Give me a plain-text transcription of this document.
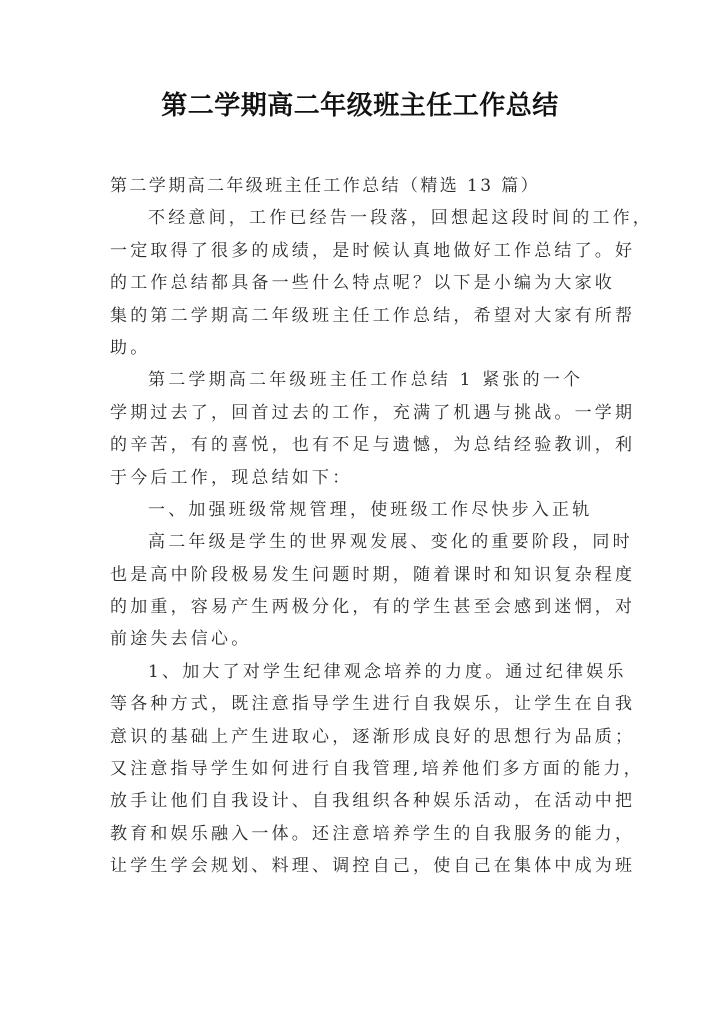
第二学期高二年级班主任工作总结
第二学期高二年级班主任工作总结（精选 13 篇）
不经意间，工作已经告一段落，回想起这段时间的工作，
一定取得了很多的成绩，是时候认真地做好工作总结了。好
的工作总结都具备一些什么特点呢？以下是小编为大家收
集的第二学期高二年级班主任工作总结，希望对大家有所帮
助。
第二学期高二年级班主任工作总结 1 紧张的一个
学期过去了，回首过去的工作，充满了机遇与挑战。一学期
的辛苦，有的喜悦，也有不足与遗憾，为总结经验教训，利
于今后工作，现总结如下：
一、加强班级常规管理，使班级工作尽快步入正轨
高二年级是学生的世界观发展、变化的重要阶段，同时
也是高中阶段极易发生问题时期，随着课时和知识复杂程度
的加重，容易产生两极分化，有的学生甚至会感到迷惘，对
前途失去信心。
1、加大了对学生纪律观念培养的力度。通过纪律娱乐
等各种方式，既注意指导学生进行自我娱乐，让学生在自我
意识的基础上产生进取心，逐渐形成良好的思想行为品质；
又注意指导学生如何进行自我管理,培养他们多方面的能力，
放手让他们自我设计、自我组织各种娱乐活动，在活动中把
教育和娱乐融入一体。还注意培养学生的自我服务的能力，
让学生学会规划、料理、调控自己，使自己在集体中成为班
